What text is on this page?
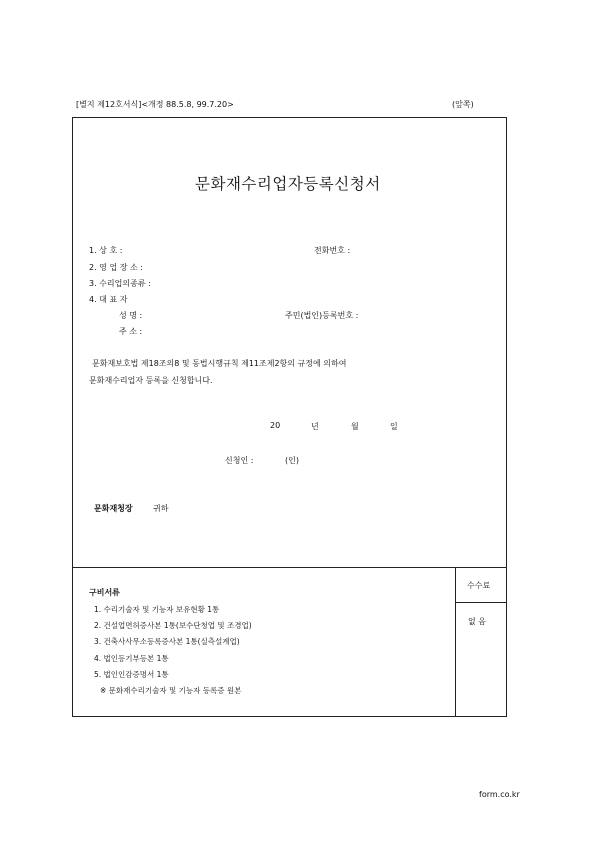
[별지 제12호서식]<개정 88.5.8, 99.7.20>	(앞쪽)
문화재수리업자등록신청서
1. 상 호 :	전화번호 :
2. 영 업 장 소 :
3. 수리업의종류 :
4. 대 표 자
성 명 :	주민(법인)등록번호 :
주 소 :
문화재보호법 제18조의8 및 동법시행규칙 제11조제2항의 규정에 의하여
문화재수리업자 등록을 신청합니다.
20	년	월	일
신청인 :	(인)
문화재청장	귀하
구비서류
1. 수리기술자 및 기능자 보유현황 1통
2. 건설업면허증사본 1통(보수단청업 및 조경업)
3. 건축사사무소등록증사본 1통(실측설계업)
4. 법인등기부등본 1통
5. 법인인감증명서 1통
※ 문화재수리기술자 및 기능자 등록증 원본
수수료
없 음
form.co.kr
